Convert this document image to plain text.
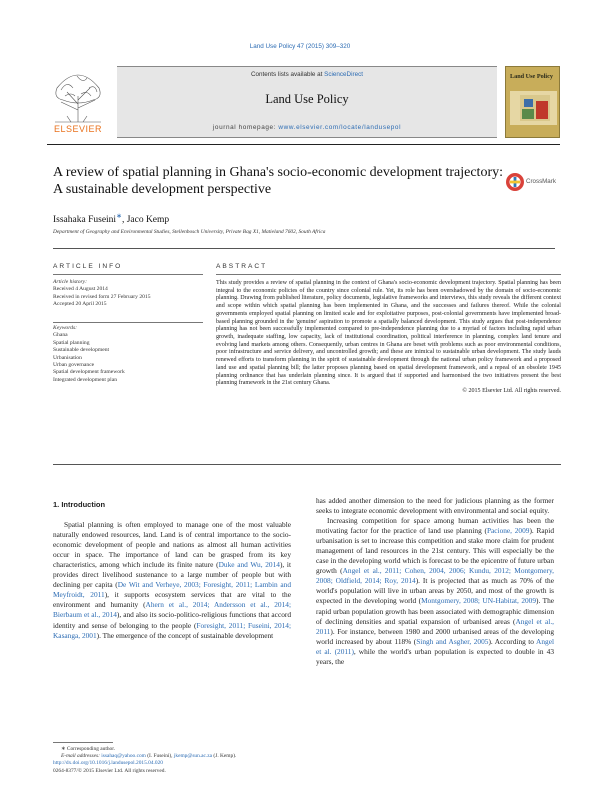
Land Use Policy 47 (2015) 309–320
ELSEVIER
Contents lists available at ScienceDirect
Land Use Policy
journal homepage: www.elsevier.com/locate/landusepol
Land Use Policy
A review of spatial planning in Ghana's socio-economic development trajectory: A sustainable development perspective
CrossMark
Issahaka Fuseini∗, Jaco Kemp
Department of Geography and Environmental Studies, Stellenbosch University, Private Bag X1, Matieland 7602, South Africa
ARTICLE INFO	ABSTRACT
Article history:
Received 4 August 2014
Received in revised form 27 February 2015
Accepted 20 April 2015
Keywords:
Ghana
Spatial planning
Sustainable development
Urbanisation
Urban governance
Spatial development framework
Integrated development plan
This study provides a review of spatial planning in the context of Ghana's socio-economic development trajectory. Spatial planning has been integral to the economic policies of the country since colonial rule. Yet, its role has been overshadowed by the domain of socio-economic planning. Drawing from published literature, policy documents, legislative frameworks and interviews, this study reveals the different context and scope within which spatial planning has been implemented in Ghana, and the successes and failures thereof. While the colonial governments employed spatial planning on limited scale and for exploitative purposes, post-colonial governments have implemented broad-based planning grounded in the 'genuine' aspiration to promote a spatially balanced development. This study argues that post-independence planning has not been successfully implemented compared to pre-independence planning due to a myriad of factors including rapid urban growth, inadequate staffing, low capacity, lack of institutional coordination, political interference in planning, complex land tenure and evolving land markets among others. Consequently, urban centres in Ghana are beset with problems such as poor environmental conditions, poor infrastructure and service delivery, and uncontrolled growth; and these are inimical to sustainable urban development. The study lauds renewed efforts to transform planning in the spirit of sustainable development through the national urban policy framework and a proposed land use and spatial planning bill; the latter proposes planning based on spatial development framework, and a repeal of an obsolete 1945 planning ordinance that has underlain planning since. It is argued that if supported and harmonised the two initiatives present the best planning framework in the 21st century Ghana.
© 2015 Elsevier Ltd. All rights reserved.
1. Introduction
Spatial planning is often employed to manage one of the most valuable naturally endowed resources, land. Land is of central importance to the socio-economic development of people and nations as almost all human activities occur in space. The importance of land can be grasped from its key characteristics, among which include its finite nature (Duke and Wu, 2014), it provides direct livelihood sustenance to a large number of people but with declining per capita (De Wit and Verheye, 2003; Foresight, 2011; Lambin and Meyfroidt, 2011), it supports ecosystem services that are vital to the environment and humanity (Ahern et al., 2014; Andersson et al., 2014; Bierbaum et al., 2014), and also its socio-politico-religious functions that accord identity and sense of belonging to the people (Foresight, 2011; Fuseini, 2014; Kasanga, 2001). The emergence of the concept of sustainable development
has added another dimension to the need for judicious planning as the former seeks to integrate economic development with environmental and social equity.
Increasing competition for space among human activities has been the motivating factor for the practice of land use planning (Pacione, 2009). Rapid urbanisation is set to increase this competition and stake more claim for prudent management of land resources in the 21st century. This will especially be the case in the developing world which is forecast to be the epicentre of future urban growth (Angel et al., 2011; Cohen, 2004, 2006; Kundu, 2012; Montgomery, 2008; Oldfield, 2014; Roy, 2014). It is projected that as much as 70% of the world's population will live in urban areas by 2050, and most of the growth is expected in the developing world (Montgomery, 2008; UN-Habitat, 2009). The rapid urban population growth has been associated with demographic dimension of declining densities and spatial expansion of urbanised areas (Angel et al., 2011). For instance, between 1980 and 2000 urbanised areas of the developing world increased by about 118% (Singh and Asgher, 2005). According to Angel et al. (2011), while the world's urban population is expected to double in 43 years, the
∗ Corresponding author.
E-mail addresses: issahaq@yahoo.com (I. Fuseini), jkemp@sun.ac.za (J. Kemp).
http://dx.doi.org/10.1016/j.landusepol.2015.04.020
0264-8377/© 2015 Elsevier Ltd. All rights reserved.
